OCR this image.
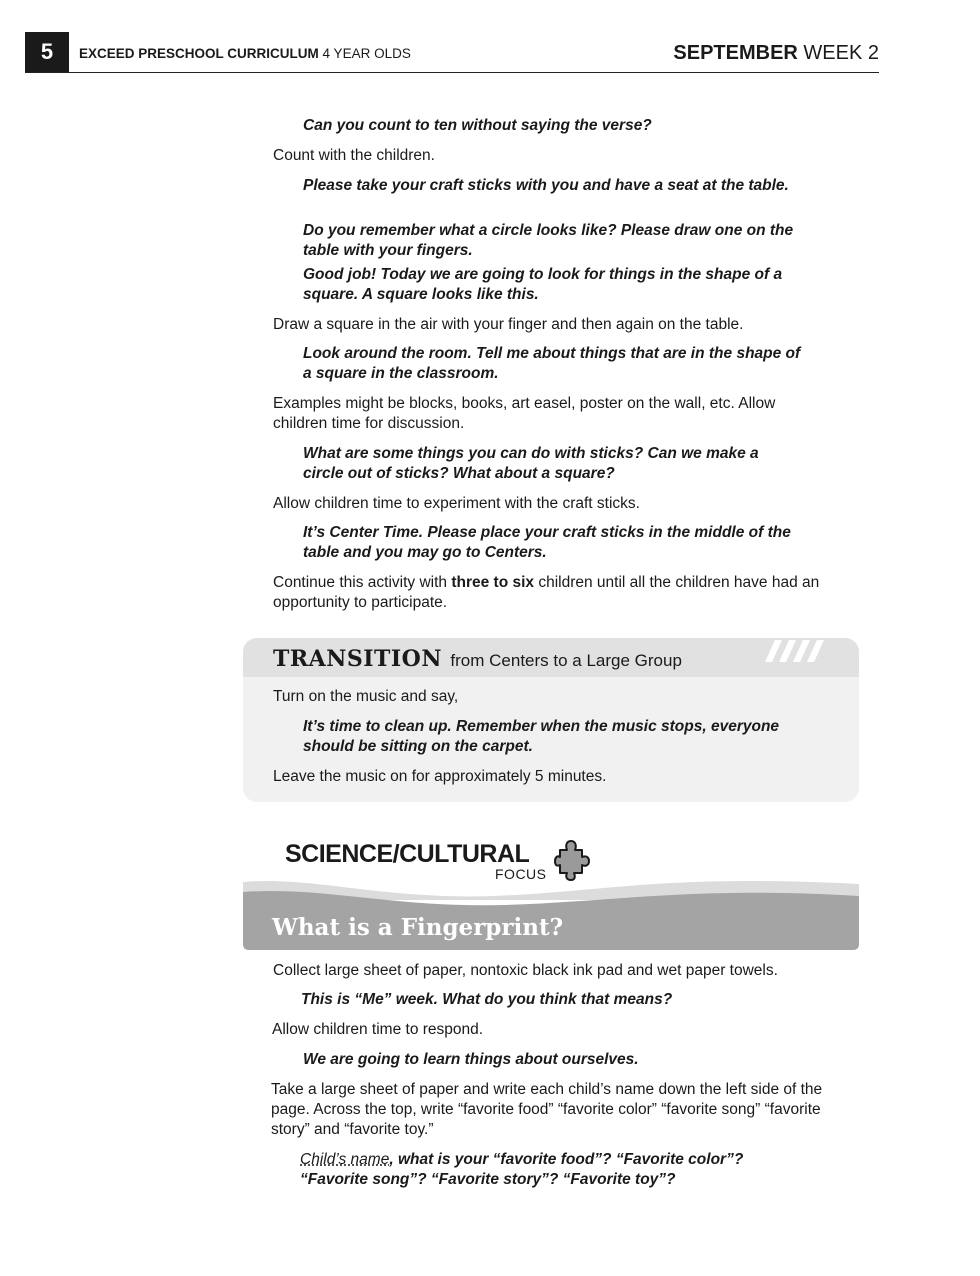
5	EXCEED PRESCHOOL CURRICULUM 4 YEAR OLDS	SEPTEMBER WEEK 2

Can you count to ten without saying the verse?

Count with the children.

Please take your craft sticks with you and have a seat at the table.

Do you remember what a circle looks like? Please draw one on the table with your fingers.

Good job! Today we are going to look for things in the shape of a square. A square looks like this.

Draw a square in the air with your finger and then again on the table.

Look around the room. Tell me about things that are in the shape of a square in the classroom.

Examples might be blocks, books, art easel, poster on the wall, etc. Allow children time for discussion.

What are some things you can do with sticks? Can we make a circle out of sticks? What about a square?

Allow children time to experiment with the craft sticks.

It’s Center Time. Please place your craft sticks in the middle of the table and you may go to Centers.

Continue this activity with three to six children until all the children have had an opportunity to participate.

TRANSITION from Centers to a Large Group

Turn on the music and say,

It’s time to clean up. Remember when the music stops, everyone should be sitting on the carpet.

Leave the music on for approximately 5 minutes.

SCIENCE/CULTURAL
FOCUS
What is a Fingerprint?

Collect large sheet of paper, nontoxic black ink pad and wet paper towels.

This is “Me” week. What do you think that means?

Allow children time to respond.

We are going to learn things about ourselves.

Take a large sheet of paper and write each child’s name down the left side of the page. Across the top, write “favorite food” “favorite color” “favorite song” “favorite story” and “favorite toy.”

Child’s name, what is your “favorite food”? “Favorite color”? “Favorite song”? “Favorite story”? “Favorite toy”?
